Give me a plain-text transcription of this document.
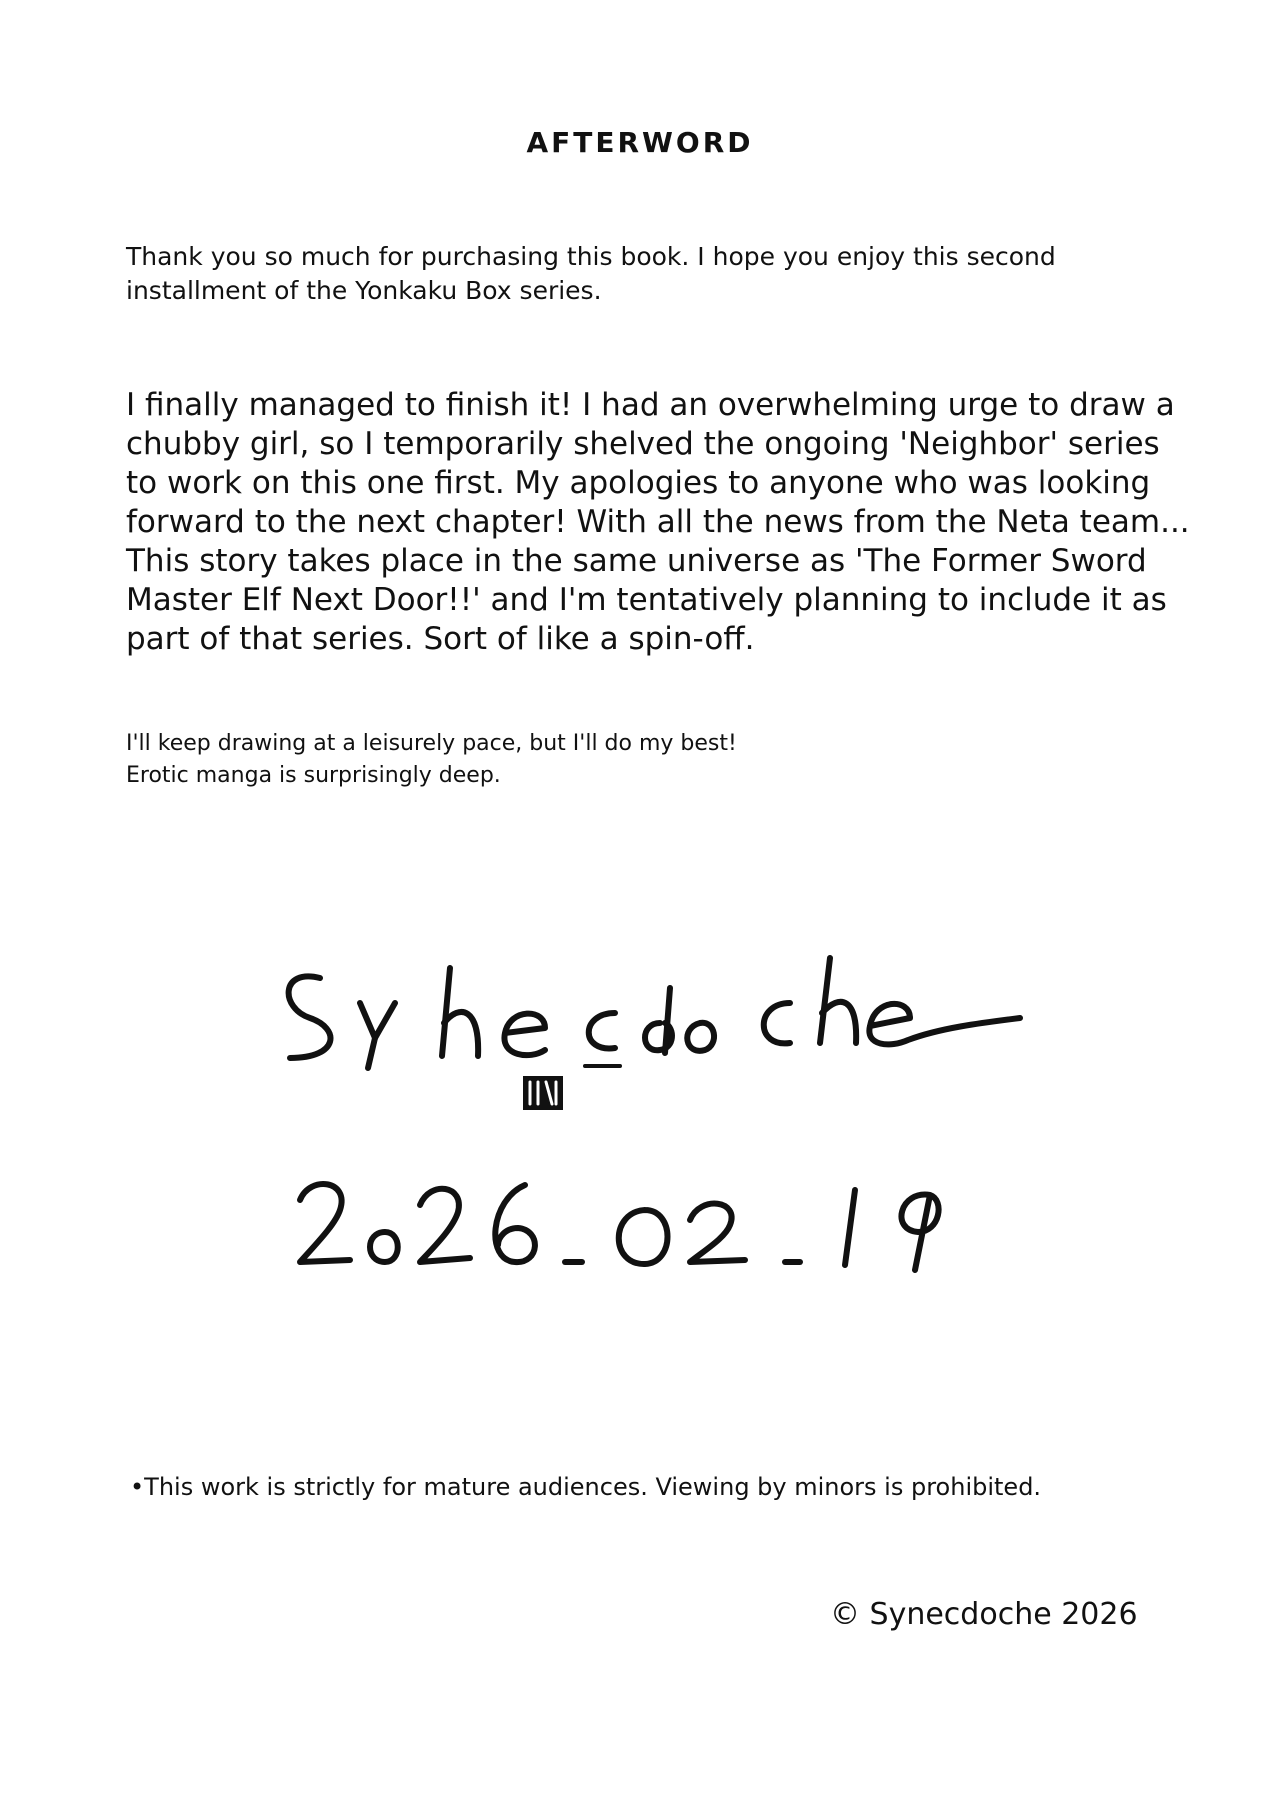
AFTERWORD

Thank you so much for purchasing this book. I hope you enjoy this second installment of the Yonkaku Box series.

I finally managed to finish it! I had an overwhelming urge to draw a chubby girl, so I temporarily shelved the ongoing 'Neighbor' series to work on this one first. My apologies to anyone who was looking forward to the next chapter! With all the news from the Neta team...
This story takes place in the same universe as 'The Former Sword Master Elf Next Door!!' and I'm tentatively planning to include it as part of that series. Sort of like a spin-off.
I'll keep drawing at a leisurely pace, but I'll do my best!
Erotic manga is surprisingly deep.

•This work is strictly for mature audiences. Viewing by minors is prohibited.

© Synecdoche 2026
